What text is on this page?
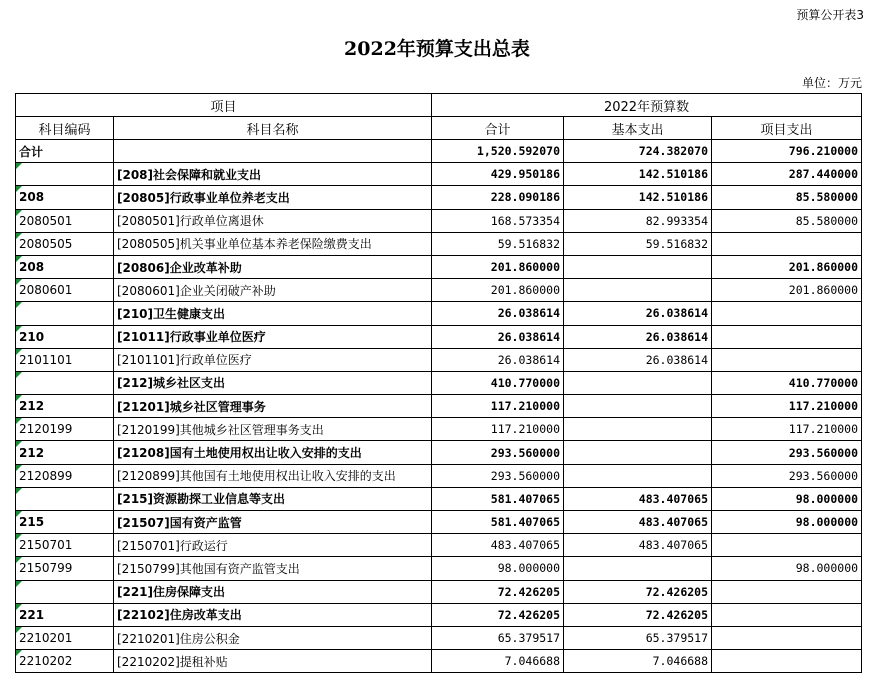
预算公开表3
2022年预算支出总表
单位：万元
项目		2022年预算数		
科目编码	科目名称	合计	基本支出	项目支出
合计		1,520.592070	724.382070	796.210000
	[208]社会保障和就业支出	429.950186	142.510186	287.440000
208	[20805]行政事业单位养老支出	228.090186	142.510186	85.580000
2080501	[2080501]行政单位离退休	168.573354	82.993354	85.580000
2080505	[2080505]机关事业单位基本养老保险缴费支出	59.516832	59.516832	
208	[20806]企业改革补助	201.860000		201.860000
2080601	[2080601]企业关闭破产补助	201.860000		201.860000
	[210]卫生健康支出	26.038614	26.038614	
210	[21011]行政事业单位医疗	26.038614	26.038614	
2101101	[2101101]行政单位医疗	26.038614	26.038614	
	[212]城乡社区支出	410.770000		410.770000
212	[21201]城乡社区管理事务	117.210000		117.210000
2120199	[2120199]其他城乡社区管理事务支出	117.210000		117.210000
212	[21208]国有土地使用权出让收入安排的支出	293.560000		293.560000
2120899	[2120899]其他国有土地使用权出让收入安排的支出	293.560000		293.560000
	[215]资源勘探工业信息等支出	581.407065	483.407065	98.000000
215	[21507]国有资产监管	581.407065	483.407065	98.000000
2150701	[2150701]行政运行	483.407065	483.407065	
2150799	[2150799]其他国有资产监管支出	98.000000		98.000000
	[221]住房保障支出	72.426205	72.426205	
221	[22102]住房改革支出	72.426205	72.426205	
2210201	[2210201]住房公积金	65.379517	65.379517	
2210202	[2210202]提租补贴	7.046688	7.046688	
